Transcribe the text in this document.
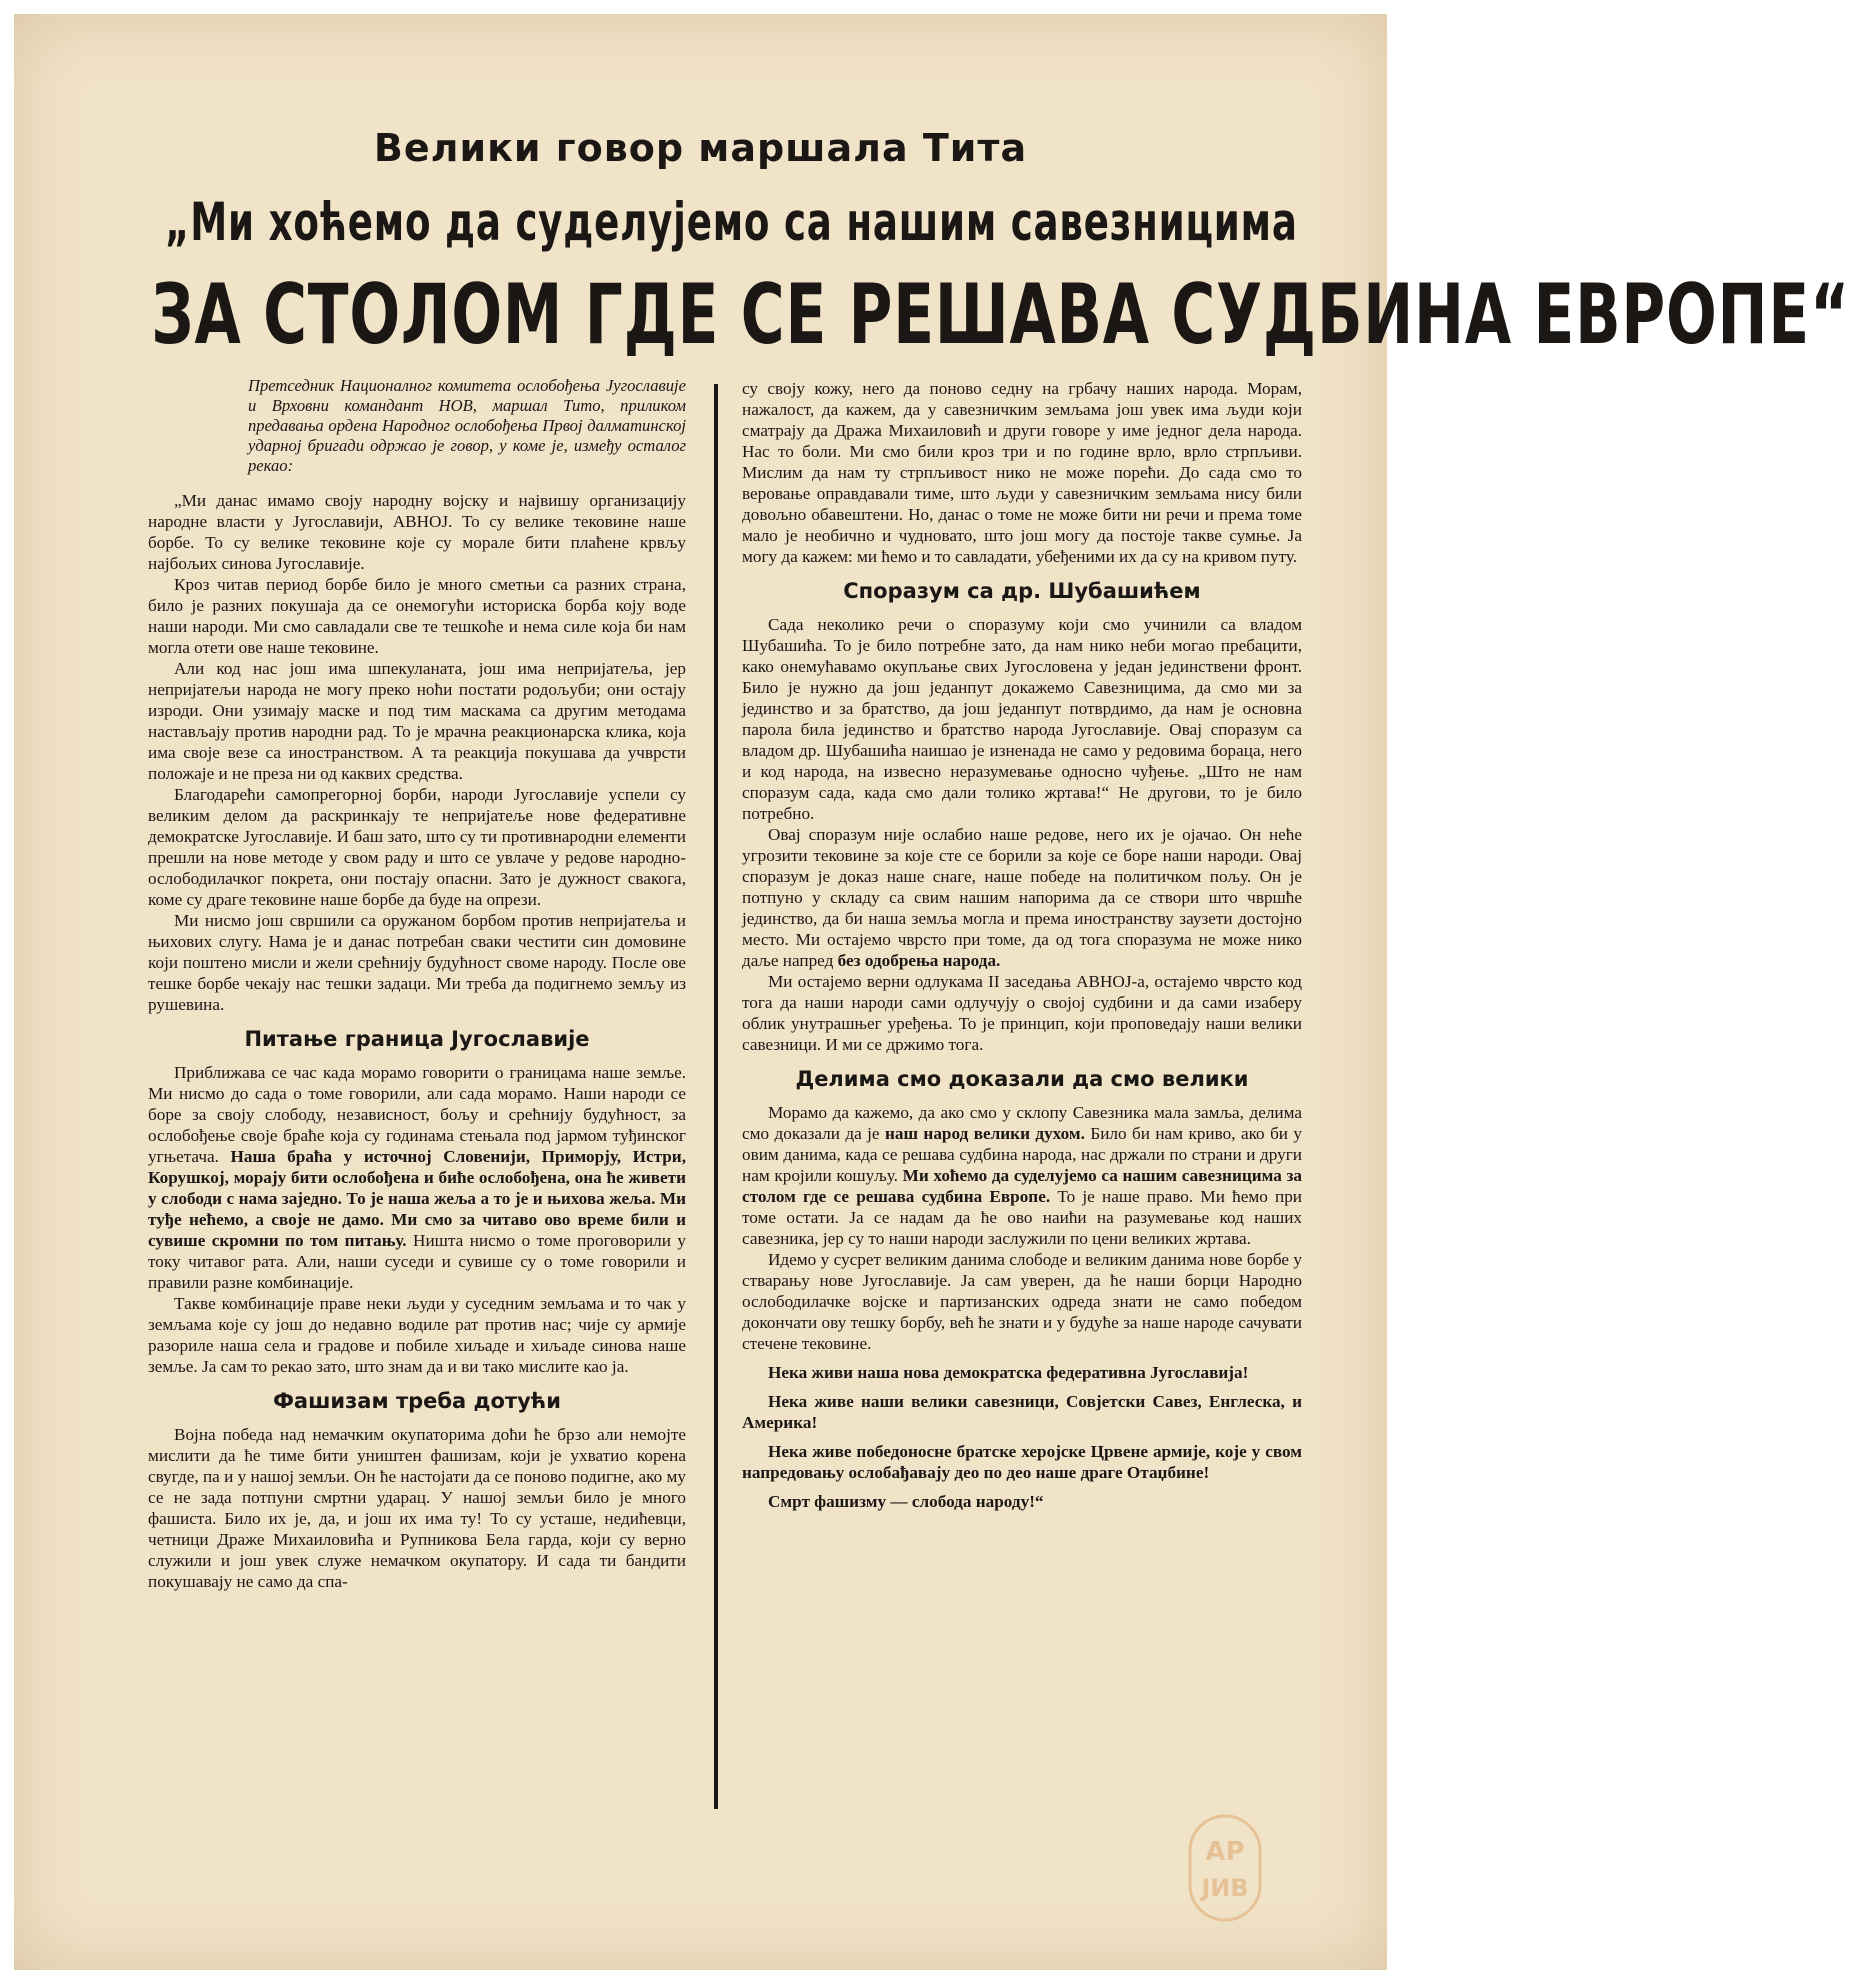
Велики говор маршала Тита
„Ми хоћемо да суделујемо са нашим савезницима
ЗА СТОЛОМ ГДЕ СЕ РЕШАВА СУДБИНА ЕВРОПЕ“
Претседник Националног комитета ослобођења Југославије и Врховни командант НОВ, маршал Тито, приликом предавања ордена Народног ослобођења Првој далматинској ударној бригади одржао је говор, у коме је, између осталог рекао:

„Ми данас имамо своју народну војску и највишу организацију народне власти у Југославији, АВНОЈ. То су велике тековине наше борбе. То су велике тековине које су морале бити плаћене крвљу најбољих синова Југославије.

Кроз читав период борбе било је много сметњи са разних страна, било је разних покушаја да се онемогући историска борба коју воде наши народи. Ми смо савладали све те тешкоће и нема силе која би нам могла отети ове наше тековине.

Али код нас још има шпекуланата, још има непријатеља, јер непријатељи народа не могу преко ноћи постати родољуби; они остају изроди. Они узимају маске и под тим маскама са другим методама настављају против народни рад. То је мрачна реакционарска клика, која има своје везе са иностранством. А та реакција покушава да учврсти положаје и не преза ни од каквих средства.

Благодарећи самопрегорној борби, народи Југославије успели су великим делом да раскринкају те непријатеље нове федеративне демократске Југославије. И баш зато, што су ти противнародни елементи прешли на нове методе у свом раду и што се увлаче у редове народно-ослободилачког покрета, они постају опасни. Зато је дужност свакога, коме су драге тековине наше борбе да буде на опрези.

Ми нисмо још свршили са оружаном борбом против непријатеља и њихових слугу. Нама је и данас потребан сваки честити син домовине који поштено мисли и жели срећнију будућност своме народу. После ове тешке борбе чекају нас тешки задаци. Ми треба да подигнемо земљу из рушевина.

Питање граница Југославије

Приближава се час када морамо говорити о границама наше земље. Ми нисмо до сада о томе говорили, али сада морамо. Наши народи се боре за своју слободу, независност, бољу и срећнију будућност, за ослобођење своје браће која су годинама стењала под јармом туђинског угњетача. Наша браћа у источној Словенији, Приморју, Истри, Корушкој, морају бити ослобођена и биће ослобођена, она ће живети у слободи с нама заједно. То је наша жеља а то је и њихова жеља. Ми туђе нећемо, а своје не дамо. Ми смо за читаво ово време били и сувише скромни по том питању. Ништа нисмо о томе проговорили у току читавог рата. Али, наши суседи и сувише су о томе говорили и правили разне комбинације.

Такве комбинације праве неки људи у суседним земљама и то чак у земљама које су још до недавно водиле рат против нас; чије су армије разориле наша села и градове и побиле хиљаде и хиљаде синова наше земље. Ја сам то рекао зато, што знам да и ви тако мислите као ја.

Фашизам треба дотући

Војна победа над немачким окупаторима доћи ће брзо али немојте мислити да ће тиме бити уништен фашизам, који је ухватио корена свугде, па и у нашој земљи. Он ће настојати да се поново подигне, ако му се не зада потпуни смртни ударац. У нашој земљи било је много фашиста. Било их је, да, и још их има ту! То су усташе, недићевци, четници Драже Михаиловића и Рупникова Бела гарда, који су верно служили и још увек служе немачком окупатору. И сада ти бандити покушавају не само да спа-

су своју кожу, него да поново седну на грбачу наших народа. Морам, нажалост, да кажем, да у савезничким земљама још увек има људи који сматрају да Дража Михаиловић и други говоре у име једног дела народа. Нас то боли. Ми смо били кроз три и по године врло, врло стрпљиви. Мислим да нам ту стрпљивост нико не може порећи. До сада смо то веровање оправдавали тиме, што људи у савезничким земљама нису били довољно обавештени. Но, данас о томе не може бити ни речи и према томе мало је необично и чудновато, што још могу да постоје такве сумње. Ја могу да кажем: ми ћемо и то савладати, убеђеними их да су на кривом путу.

Споразум са др. Шубашићем

Сада неколико речи о споразуму који смо учинили са владом Шубашића. То је било потребне зато, да нам нико неби могао пребацити, како онемућавамо окупљање свих Југословена у један јединствени фронт. Било је нужно да још једанпут докажемо Савезницима, да смо ми за јединство и за братство, да још једанпут потврдимо, да нам је основна парола била јединство и братство народа Југославије. Овај споразум са владом др. Шубашића наишао је изненада не само у редовима бораца, него и код народа, на извесно неразумевање односно чуђење. „Што не нам споразум сада, када смо дали толико жртава!“ Не другови, то је било потребно.

Овај споразум није ослабио наше редове, него их је ојачао. Он неће угрозити тековине за које сте се борили за које се боре наши народи. Овај споразум је доказ наше снаге, наше победе на политичком пољу. Он је потпуно у складу са свим нашим напорима да се створи што чвршће јединство, да би наша земља могла и према иностранству заузети достојно место. Ми остајемо чврсто при томе, да од тога споразума не може нико даље напред без одобрења народа.

Ми остајемо верни одлукама II заседања АВНОЈ-а, остајемо чврсто код тога да наши народи сами одлучују о својој судбини и да сами изаберу облик унутрашњег уређења. То је принцип, који проповедају наши велики савезници. И ми се држимо тога.

Делима смо доказали да смо велики

Морамо да кажемо, да ако смо у склопу Савезника мала замља, делима смо доказали да је наш народ велики духом. Било би нам криво, ако би у овим данима, када се решава судбина народа, нас држали по страни и други нам кројили кошуљу. Ми хоћемо да суделујемо са нашим савезницима за столом где се решава судбина Европе. То је наше право. Ми ћемо при томе остати. Ја се надам да ће ово наићи на разумевање код наших савезника, јер су то наши народи заслужили по цени великих жртава.

Идемо у сусрет великим данима слободе и великим данима нове борбе у стварању нове Југославије. Ја сам уверен, да ће наши борци Народно ослободилачке војске и партизанских одреда знати не само победом докончати ову тешку борбу, већ ће знати и у будуће за наше народе сачувати стечене тековине.

Нека живи наша нова демократска федеративна Југославија!

Нека живе наши велики савезници, Совјетски Савез, Енглеска, и Америка!

Нека живе победоносне братске херојске Црвене армије, које у свом напредовању ослобађавају део по део наше драге Отаџбине!

Смрт фашизму — слобода народу!“

АР
ЈИВ
